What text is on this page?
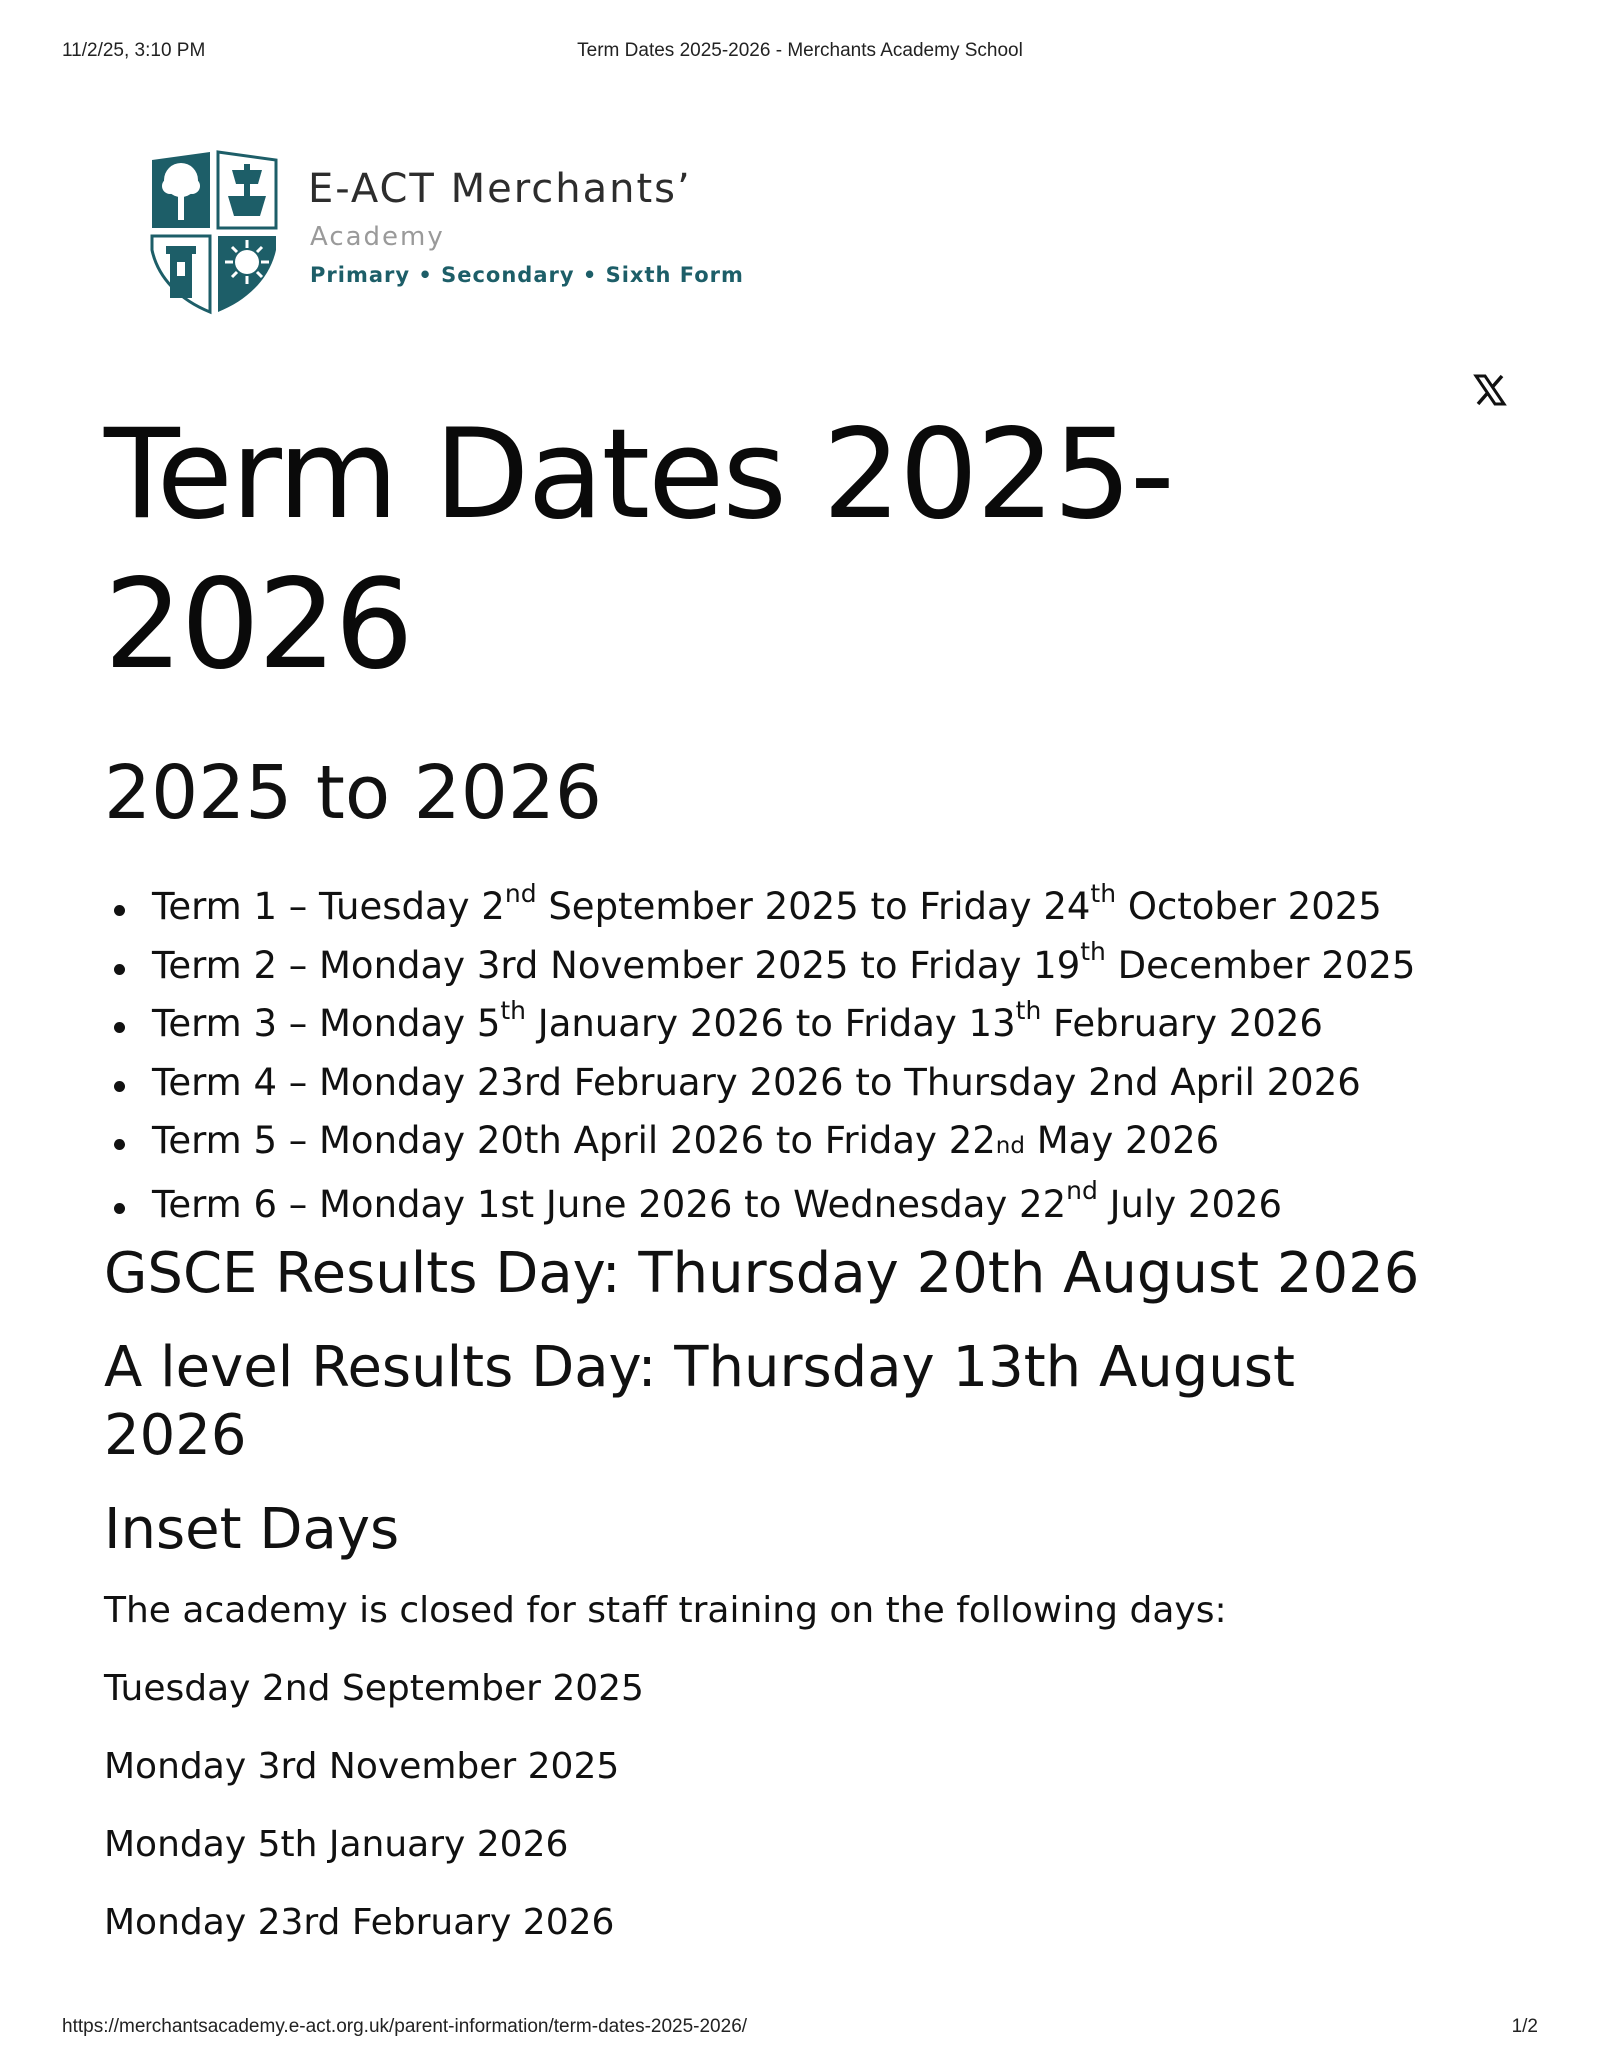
11/2/25, 3:10 PM	Term Dates 2025-2026 - Merchants Academy School
E-ACT Merchants’
Academy
Primary • Secondary • Sixth Form
Term Dates 2025-2026
2025 to 2026
Term 1 – Tuesday 2nd September 2025 to Friday 24th October 2025
Term 2 – Monday 3rd November 2025 to Friday 19th December 2025
Term 3 – Monday 5th January 2026 to Friday 13th February 2026
Term 4 – Monday 23rd February 2026 to Thursday 2nd April 2026
Term 5 – Monday 20th April 2026 to Friday 22nd May 2026
Term 6 – Monday 1st June 2026 to Wednesday 22nd July 2026
GSCE Results Day: Thursday 20th August 2026
A level Results Day: Thursday 13th August 2026
Inset Days

The academy is closed for staff training on the following days:

Tuesday 2nd September 2025

Monday 3rd November 2025

Monday 5th January 2026

Monday 23rd February 2026

https://merchantsacademy.e-act.org.uk/parent-information/term-dates-2025-2026/	1/2
